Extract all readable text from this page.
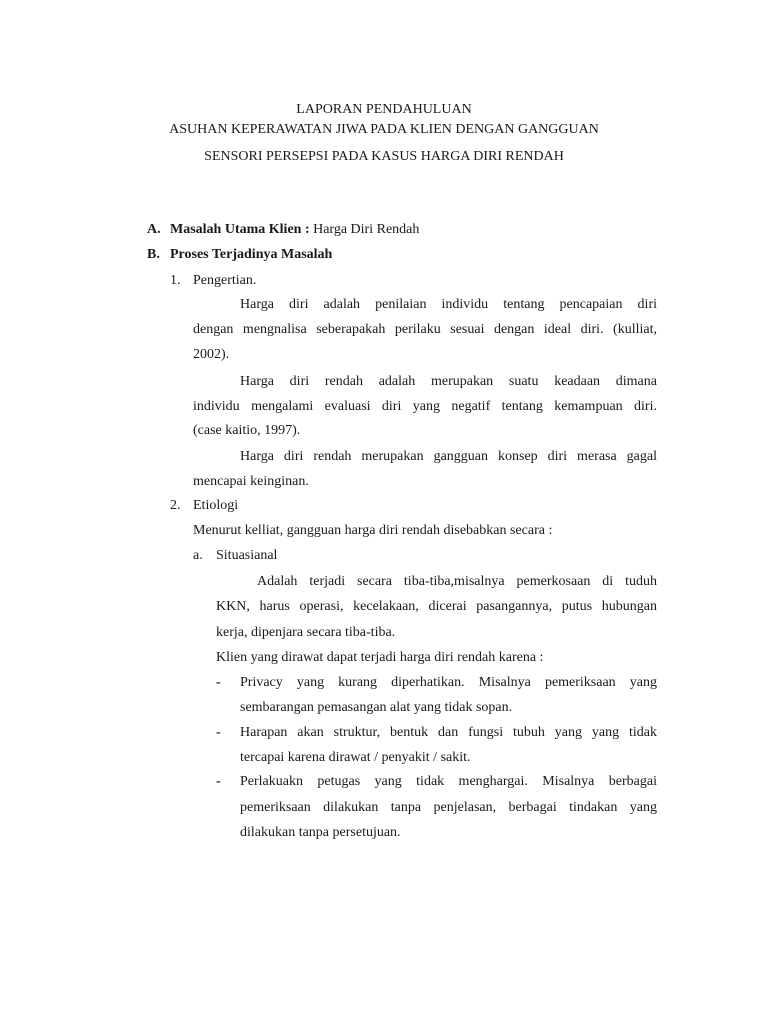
LAPORAN PENDAHULUAN
ASUHAN KEPERAWATAN JIWA PADA KLIEN DENGAN GANGGUAN
SENSORI PERSEPSI PADA KASUS HARGA DIRI RENDAH
A. Masalah Utama Klien : Harga Diri Rendah
B. Proses Terjadinya Masalah
1. Pengertian.
Harga diri adalah penilaian individu tentang pencapaian diri
dengan mengnalisa seberapakah perilaku sesuai dengan ideal diri. (kulliat,
2002).
Harga diri rendah adalah merupakan suatu keadaan dimana
individu mengalami evaluasi diri yang negatif tentang kemampuan diri.
(case kaitio, 1997).
Harga diri rendah merupakan gangguan konsep diri merasa gagal
mencapai keinginan.
2. Etiologi
Menurut kelliat, gangguan harga diri rendah disebabkan secara :
a. Situasianal
Adalah terjadi secara tiba-tiba,misalnya pemerkosaan di tuduh
KKN, harus operasi, kecelakaan, dicerai pasangannya, putus hubungan
kerja, dipenjara secara tiba-tiba.
Klien yang dirawat dapat terjadi harga diri rendah karena :
- Privacy yang kurang diperhatikan. Misalnya pemeriksaan yang
sembarangan pemasangan alat yang tidak sopan.
- Harapan akan struktur, bentuk dan fungsi tubuh yang yang tidak
tercapai karena dirawat / penyakit / sakit.
- Perlakuakn petugas yang tidak menghargai. Misalnya berbagai
pemeriksaan dilakukan tanpa penjelasan, berbagai tindakan yang
dilakukan tanpa persetujuan.
